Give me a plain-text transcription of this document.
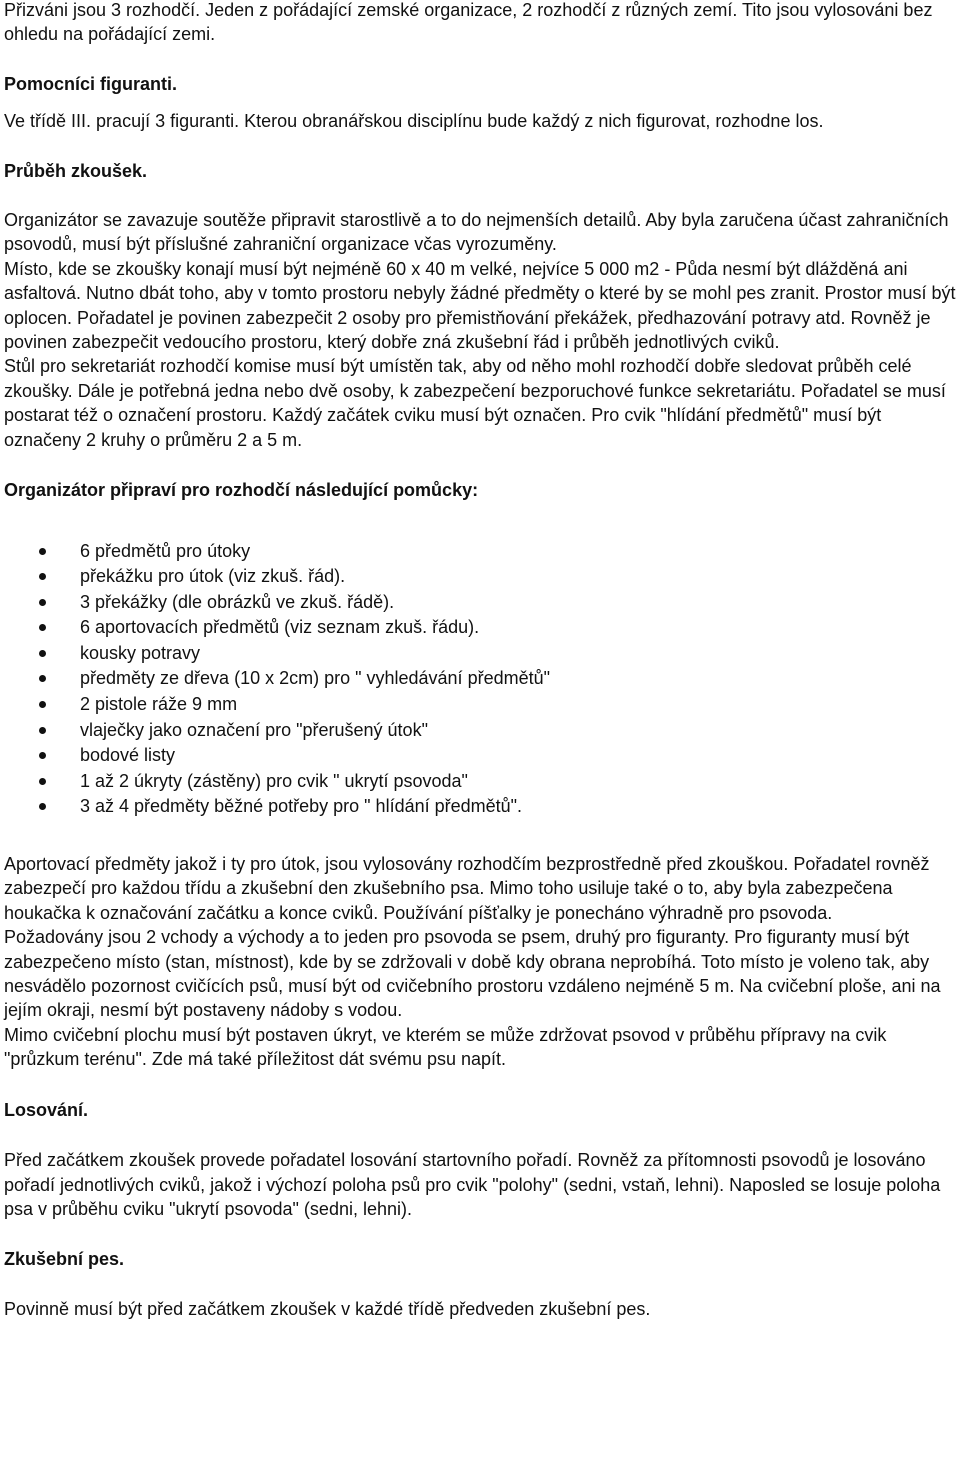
Přizváni jsou 3 rozhodčí. Jeden z pořádající zemské organizace, 2 rozhodčí z různých zemí. Tito jsou vylosováni bez ohledu na pořádající zemi.

Pomocníci figuranti.

Ve třídě III. pracují 3 figuranti. Kterou obranářskou disciplínu bude každý z nich figurovat, rozhodne los.

Průběh zkoušek.

Organizátor se zavazuje soutěže připravit starostlivě a to do nejmenších detailů. Aby byla zaručena účast zahraničních psovodů, musí být příslušné zahraniční organizace včas vyrozuměny.

Místo, kde se zkoušky konají musí být nejméně 60 x 40 m velké, nejvíce 5 000 m2 - Půda nesmí být dlážděná ani asfaltová. Nutno dbát toho, aby v tomto prostoru nebyly žádné předměty o které by se mohl pes zranit. Prostor musí být oplocen. Pořadatel je povinen zabezpečit 2 osoby pro přemistňování překážek, předhazování potravy atd. Rovněž je povinen zabezpečit vedoucího prostoru, který dobře zná zkušební řád i průběh jednotlivých cviků.

Stůl pro sekretariát rozhodčí komise musí být umístěn tak, aby od něho mohl rozhodčí dobře sledovat průběh celé zkoušky. Dále je potřebná jedna nebo dvě osoby, k zabezpečení bezporuchové funkce sekretariátu. Pořadatel se musí postarat též o označení prostoru. Každý začátek cviku musí být označen. Pro cvik "hlídání předmětů" musí být označeny 2 kruhy o průměru 2 a 5 m.

Organizátor připraví pro rozhodčí následující pomůcky:

6 předmětů pro útoky
překážku pro útok (viz zkuš. řád).
3 překážky (dle obrázků ve zkuš. řádě).
6 aportovacích předmětů (viz seznam zkuš. řádu).
kousky potravy
předměty ze dřeva (10 x 2cm) pro " vyhledávání předmětů"
2 pistole ráže 9 mm
vlaječky jako označení pro "přerušený útok"
bodové listy
1 až 2 úkryty (zástěny) pro cvik " ukrytí psovoda"
3 až 4 předměty běžné potřeby pro " hlídání předmětů".

Aportovací předměty jakož i ty pro útok, jsou vylosovány rozhodčím bezprostředně před zkouškou. Pořadatel rovněž zabezpečí pro každou třídu a zkušební den zkušebního psa. Mimo toho usiluje také o to, aby byla zabezpečena houkačka k označování začátku a konce cviků. Používání píšťalky je ponecháno výhradně pro psovoda.

Požadovány jsou 2 vchody a východy a to jeden pro psovoda se psem, druhý pro figuranty. Pro figuranty musí být zabezpečeno místo (stan, místnost), kde by se zdržovali v době kdy obrana neprobíhá. Toto místo je voleno tak, aby nesvádělo pozornost cvičících psů, musí být od cvičebního prostoru vzdáleno nejméně 5 m. Na cvičební ploše, ani na jejím okraji, nesmí být postaveny nádoby s vodou.

Mimo cvičební plochu musí být postaven úkryt, ve kterém se může zdržovat psovod v průběhu přípravy na cvik "průzkum terénu". Zde má také příležitost dát svému psu napít.

Losování.

Před začátkem zkoušek provede pořadatel losování startovního pořadí. Rovněž za přítomnosti psovodů je losováno pořadí jednotlivých cviků, jakož i výchozí poloha psů pro cvik "polohy" (sedni, vstaň, lehni). Naposled se losuje poloha psa v průběhu cviku "ukrytí psovoda" (sedni, lehni).

Zkušební pes.

Povinně musí být před začátkem zkoušek v každé třídě předveden zkušební pes.
